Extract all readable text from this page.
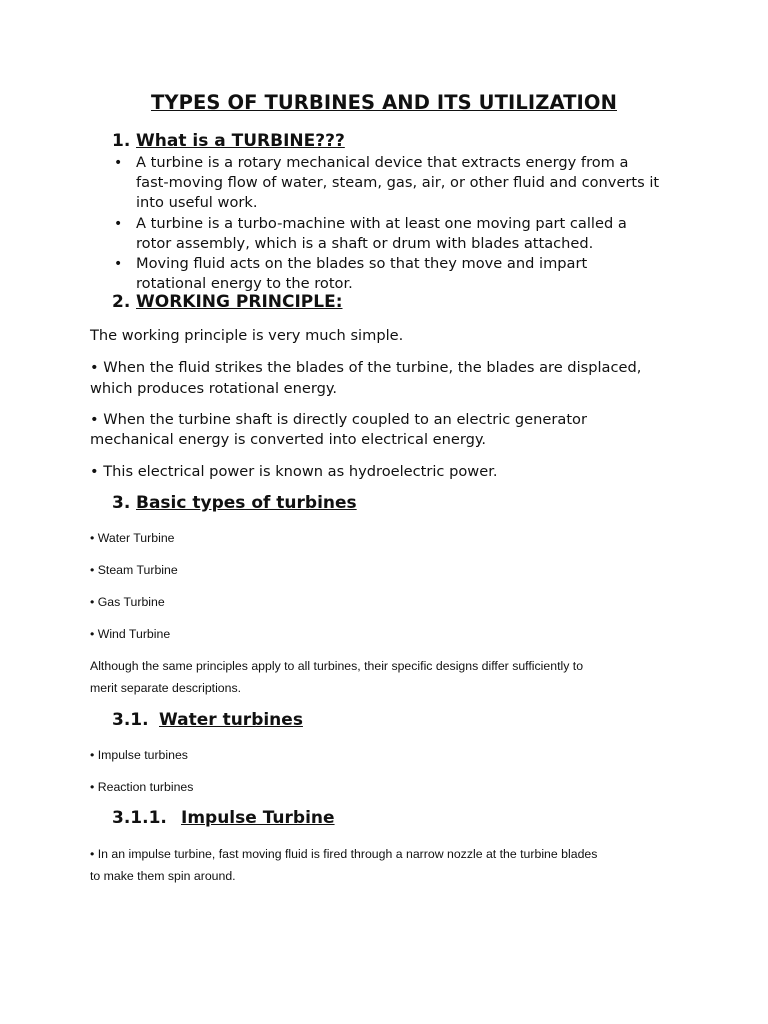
TYPES OF TURBINES AND ITS UTILIZATION
1. What is a TURBINE???
• A turbine is a rotary mechanical device that extracts energy from a
fast-moving flow of water, steam, gas, air, or other fluid and converts it
into useful work.
• A turbine is a turbo-machine with at least one moving part called a
rotor assembly, which is a shaft or drum with blades attached.
• Moving fluid acts on the blades so that they move and impart
rotational energy to the rotor.
2. WORKING PRINCIPLE:
The working principle is very much simple.
• When the fluid strikes the blades of the turbine, the blades are displaced,
which produces rotational energy.
• When the turbine shaft is directly coupled to an electric generator
mechanical energy is converted into electrical energy.
• This electrical power is known as hydroelectric power.
3. Basic types of turbines
• Water Turbine
• Steam Turbine
• Gas Turbine
• Wind Turbine
Although the same principles apply to all turbines, their specific designs differ sufficiently to
merit separate descriptions.
3.1. Water turbines
• Impulse turbines
• Reaction turbines
3.1.1. Impulse Turbine
• In an impulse turbine, fast moving fluid is fired through a narrow nozzle at the turbine blades
to make them spin around.
